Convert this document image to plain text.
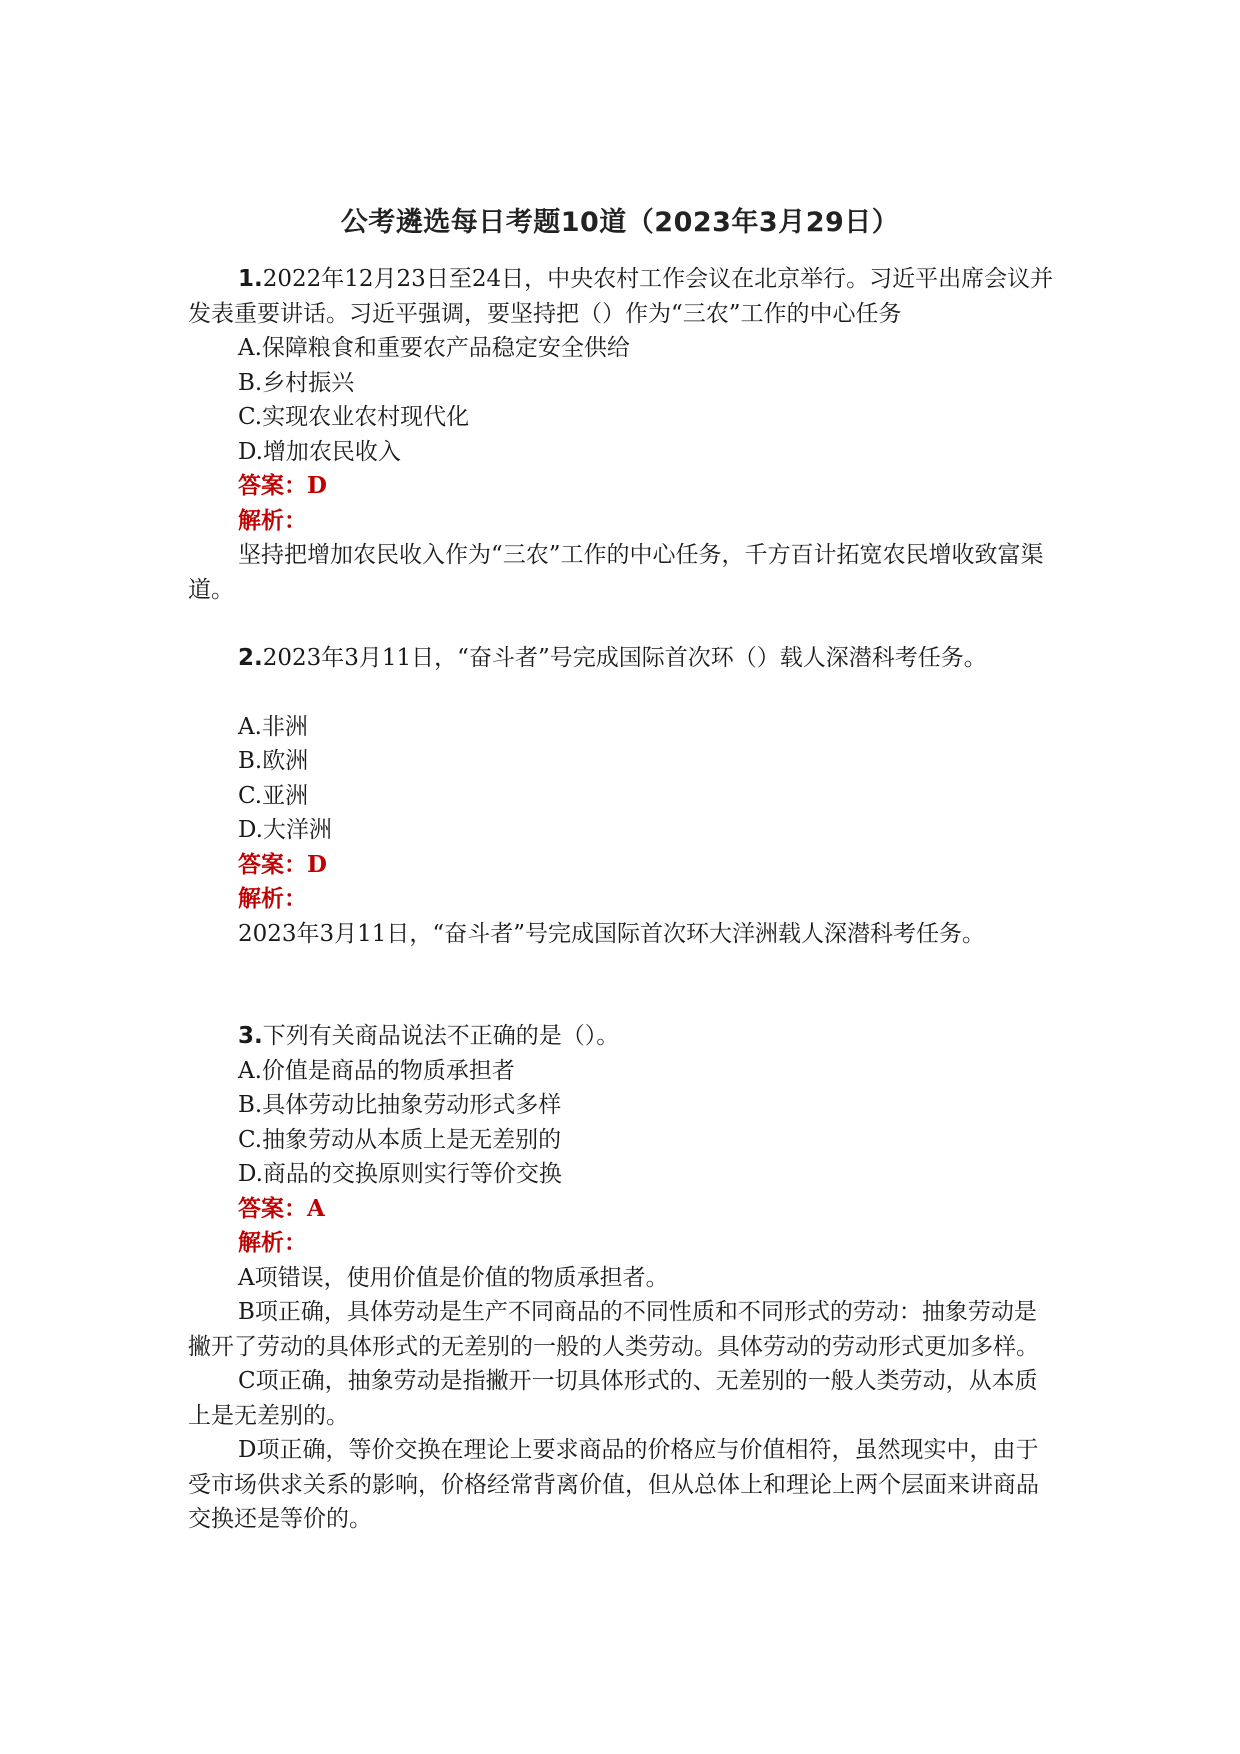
公考遴选每日考题10道（2023年3月29日）

1.2022年12月23日至24日，中央农村工作会议在北京举行。习近平出席会议并发表重要讲话。习近平强调，要坚持把（）作为“三农”工作的中心任务

A.保障粮食和重要农产品稳定安全供给

B.乡村振兴

C.实现农业农村现代化

D.增加农民收入

答案：D

解析：

坚持把增加农民收入作为“三农”工作的中心任务，千方百计拓宽农民增收致富渠道。

2.2023年3月11日，“奋斗者”号完成国际首次环（）载人深潜科考任务。

A.非洲

B.欧洲

C.亚洲

D.大洋洲

答案：D

解析：

2023年3月11日，“奋斗者”号完成国际首次环大洋洲载人深潜科考任务。

3.下列有关商品说法不正确的是（）。

A.价值是商品的物质承担者

B.具体劳动比抽象劳动形式多样

C.抽象劳动从本质上是无差别的

D.商品的交换原则实行等价交换

答案：A

解析：

A项错误，使用价值是价值的物质承担者。

B项正确，具体劳动是生产不同商品的不同性质和不同形式的劳动：抽象劳动是撇开了劳动的具体形式的无差别的一般的人类劳动。具体劳动的劳动形式更加多样。

C项正确，抽象劳动是指撇开一切具体形式的、无差别的一般人类劳动，从本质上是无差别的。

D项正确，等价交换在理论上要求商品的价格应与价值相符，虽然现实中，由于受市场供求关系的影响，价格经常背离价值，但从总体上和理论上两个层面来讲商品交换还是等价的。
